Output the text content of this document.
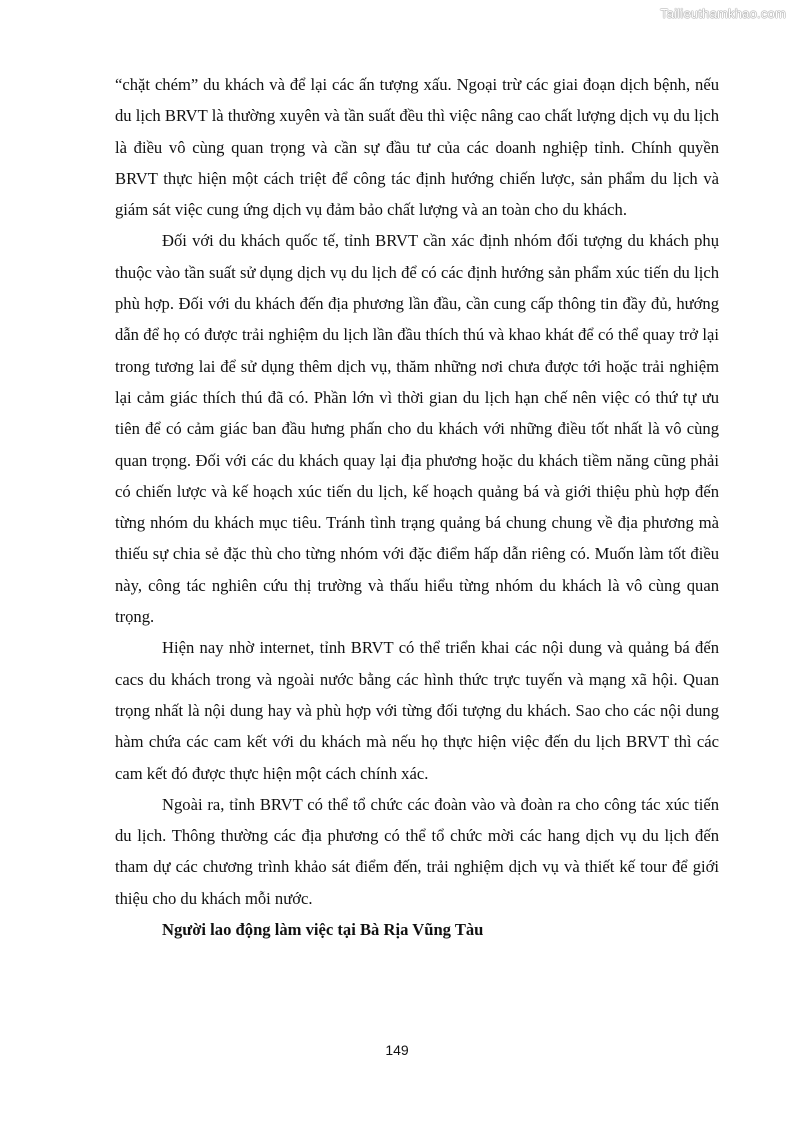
Tailieuthamkhao.com

“chặt chém” du khách và để lại các ấn tượng xấu. Ngoại trừ các giai đoạn dịch bệnh, nếu du lịch BRVT là thường xuyên và tần suất đều thì việc nâng cao chất lượng dịch vụ du lịch là điều vô cùng quan trọng và cần sự đầu tư của các doanh nghiệp tỉnh. Chính quyền BRVT thực hiện một cách triệt để công tác định hướng chiến lược, sản phẩm du lịch và giám sát việc cung ứng dịch vụ đảm bảo chất lượng và an toàn cho du khách.

Đối với du khách quốc tế, tỉnh BRVT cần xác định nhóm đối tượng du khách phụ thuộc vào tần suất sử dụng dịch vụ du lịch để có các định hướng sản phẩm xúc tiến du lịch phù hợp. Đối với du khách đến địa phương lần đầu, cần cung cấp thông tin đầy đủ, hướng dẫn để họ có được trải nghiệm du lịch lần đầu thích thú và khao khát để có thể quay trở lại trong tương lai để sử dụng thêm dịch vụ, thăm những nơi chưa được tới hoặc trải nghiệm lại cảm giác thích thú đã có. Phần lớn vì thời gian du lịch hạn chế nên việc có thứ tự ưu tiên để có cảm giác ban đầu hưng phấn cho du khách với những điều tốt nhất là vô cùng quan trọng. Đối với các du khách quay lại địa phương hoặc du khách tiềm năng cũng phải có chiến lược và kế hoạch xúc tiến du lịch, kế hoạch quảng bá và giới thiệu phù hợp đến từng nhóm du khách mục tiêu. Tránh tình trạng quảng bá chung chung về địa phương mà thiếu sự chia sẻ đặc thù cho từng nhóm với đặc điểm hấp dẫn riêng có. Muốn làm tốt điều này, công tác nghiên cứu thị trường và thấu hiểu từng nhóm du khách là vô cùng quan trọng.

Hiện nay nhờ internet, tỉnh BRVT có thể triển khai các nội dung và quảng bá đến cacs du khách trong và ngoài nước bằng các hình thức trực tuyến và mạng xã hội. Quan trọng nhất là nội dung hay và phù hợp với từng đối tượng du khách. Sao cho các nội dung hàm chứa các cam kết với du khách mà nếu họ thực hiện việc đến du lịch BRVT thì các cam kết đó được thực hiện một cách chính xác.

Ngoài ra, tỉnh BRVT có thể tổ chức các đoàn vào và đoàn ra cho công tác xúc tiến du lịch. Thông thường các địa phương có thể tổ chức mời các hang dịch vụ du lịch đến tham dự các chương trình khảo sát điểm đến, trải nghiệm dịch vụ và thiết kế tour để giới thiệu cho du khách mỗi nước.

Người lao động làm việc tại Bà Rịa Vũng Tàu

149
